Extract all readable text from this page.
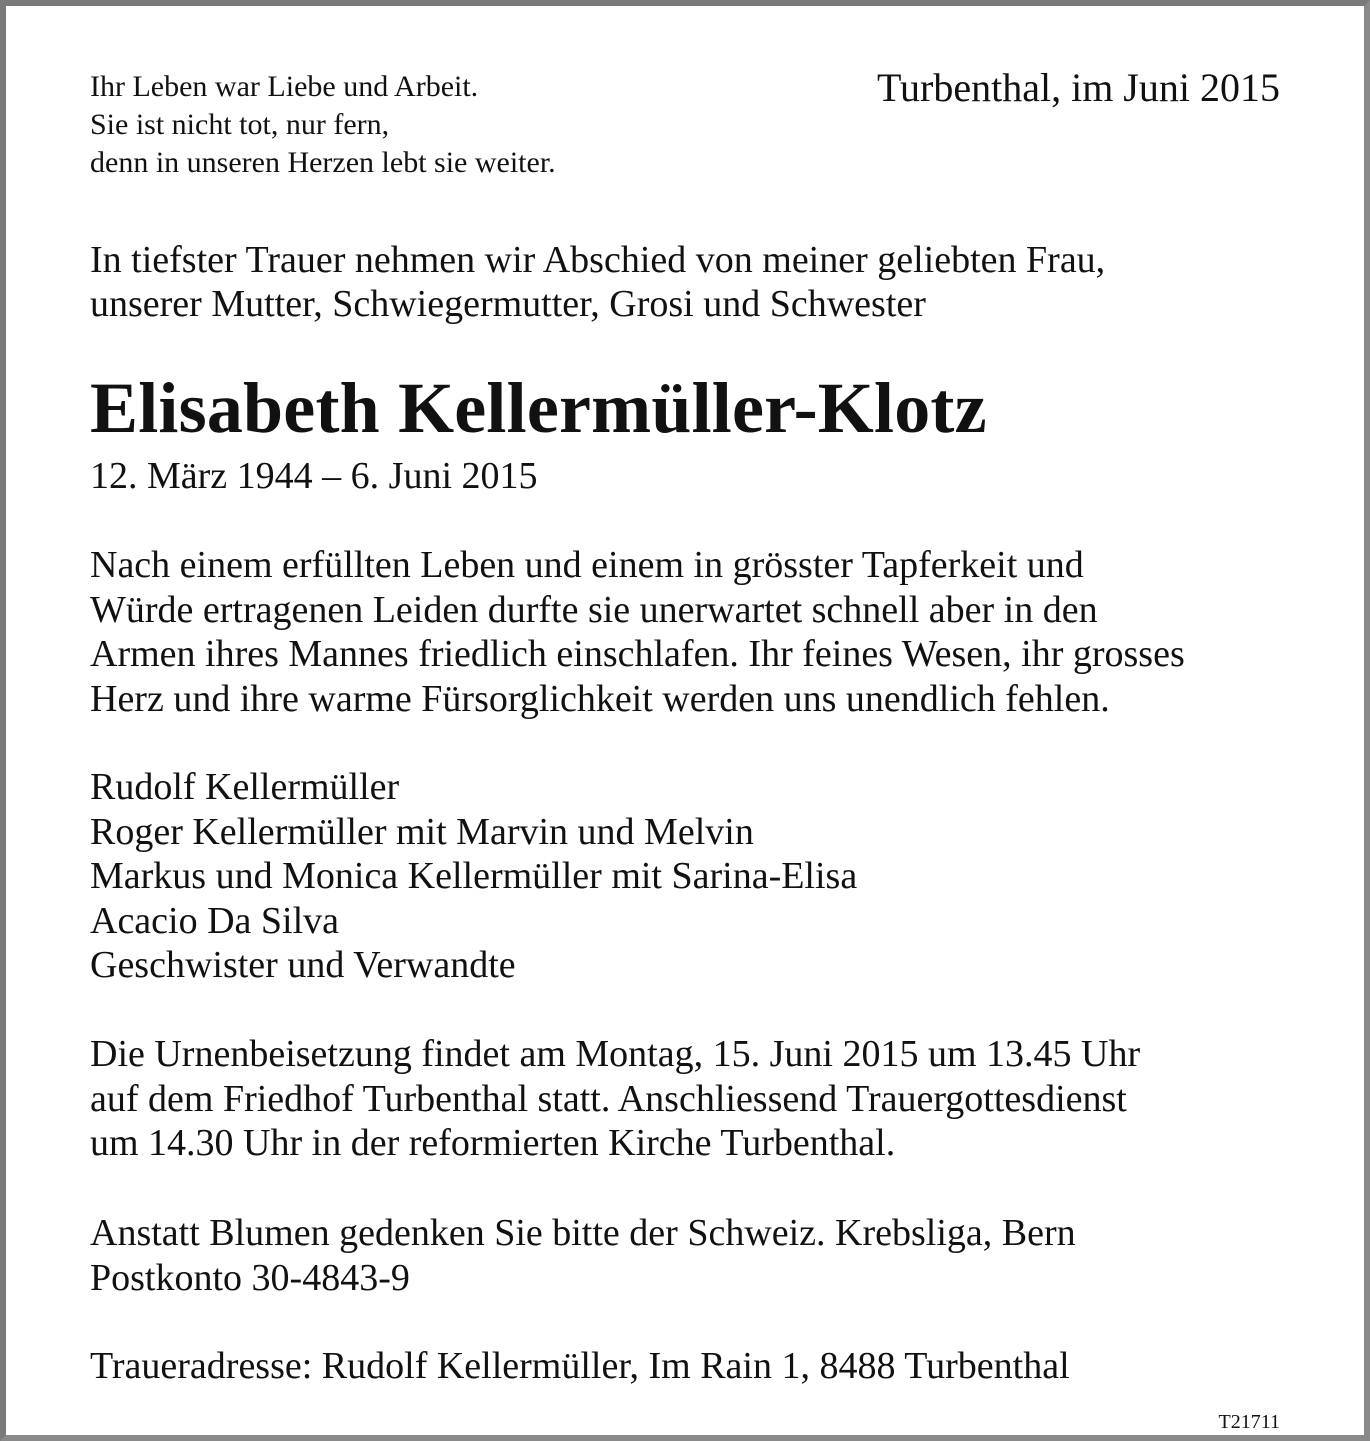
Ihr Leben war Liebe und Arbeit.
Sie ist nicht tot, nur fern,
denn in unseren Herzen lebt sie weiter.
Turbenthal, im Juni 2015
In tiefster Trauer nehmen wir Abschied von meiner geliebten Frau,
unserer Mutter, Schwiegermutter, Grosi und Schwester
Elisabeth Kellermüller-Klotz
12. März 1944 – 6. Juni 2015
Nach einem erfüllten Leben und einem in grösster Tapferkeit und
Würde ertragenen Leiden durfte sie unerwartet schnell aber in den
Armen ihres Mannes friedlich einschlafen. Ihr feines Wesen, ihr grosses
Herz und ihre warme Fürsorglichkeit werden uns unendlich fehlen.
Rudolf Kellermüller
Roger Kellermüller mit Marvin und Melvin
Markus und Monica Kellermüller mit Sarina-Elisa
Acacio Da Silva
Geschwister und Verwandte
Die Urnenbeisetzung findet am Montag, 15. Juni 2015 um 13.45 Uhr
auf dem Friedhof Turbenthal statt. Anschliessend Trauergottesdienst
um 14.30 Uhr in der reformierten Kirche Turbenthal.
Anstatt Blumen gedenken Sie bitte der Schweiz. Krebsliga, Bern
Postkonto 30-4843-9
Traueradresse: Rudolf Kellermüller, Im Rain 1, 8488 Turbenthal
T21711
